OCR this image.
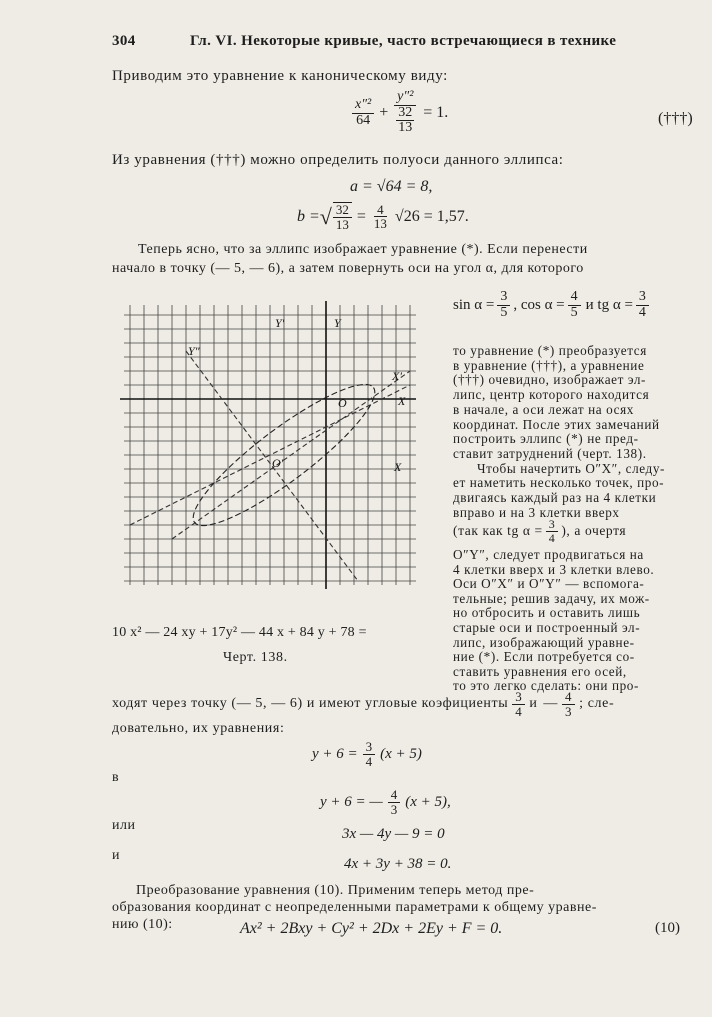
304	Гл. VI. Некоторые кривые, часто встречающиеся в технике
Приводим это уравнение к каноническому виду:
$\frac{\text{x″²}}{64} + y''^2$
32
13 = 1.	(†††)
Из уравнения (†††) можно определить полуоси данного эллипса:
a = √64 = 8,
b = √ $\frac{32}{13} = \frac{4}{13} √26 = 1,57$.
Теперь ясно, что за эллипс изображает уравнение (*). Если перенести
начало в точку (— 5, — 6), а затем повернуть оси на угол α, для которого
Y′	Y
Y″
X′
X
O
O′	X
$\sin \alpha = \frac{3}{5}$ , $\cos \alpha = \frac{4}{5}$ и tg $\alpha = \frac{3}{4}$
то уравнение (*) преобразуется
в уравнение (†††), а уравнение
(†††) очевидно, изображает эл-
липс, центр которого находится
в начале, а оси лежат на осях
координат. После этих замечаний
построить эллипс (*) не пред-
ставит затруднений (черт. 138).
Чтобы начертить O″X″, следу-
ет наметить несколько точек, про-
двигаясь каждый раз на 4 клетки
вправо и на 3 клетки вверх
(так как tg $\alpha = \frac{3}{4}$ ), а очертя
O″Y″, следует продвигаться на
4 клетки вверх и 3 клетки влево.
Оси O″X″ и O″Y″ — вспомога-
тельные; решив задачу, их мож-
но отбросить и оставить лишь
старые оси и построенный эл-
липс, изображающий уравне-
ние (*). Если потребуется со-
ставить уравнения его осей,
то это легко сделать: они про-
10 x² — 24 xy + 17y² — 44 x + 84 y + 78 =
Черт. 138.
ходят через точку (— 5, — 6) и имеют угловые коэфициенты $\frac{3}{4}$ и — $\frac{4}{3}$ ; сле-
довательно, их уравнения:
$y + 6 = \frac{3}{4} (x + 5)$
в
y + 6 = — $\frac{4}{3} (x + 5)$,
или
3x — 4y — 9 = 0
и
4x + 3y + 38 = 0.
Преобразование уравнения (10). Применим теперь метод пре-
образования координат с неопределенными параметрами к общему уравне-
нию (10):	Ax² + 2Bxy + Cy² + 2Dx + 2Ey + F = 0.	(10)
